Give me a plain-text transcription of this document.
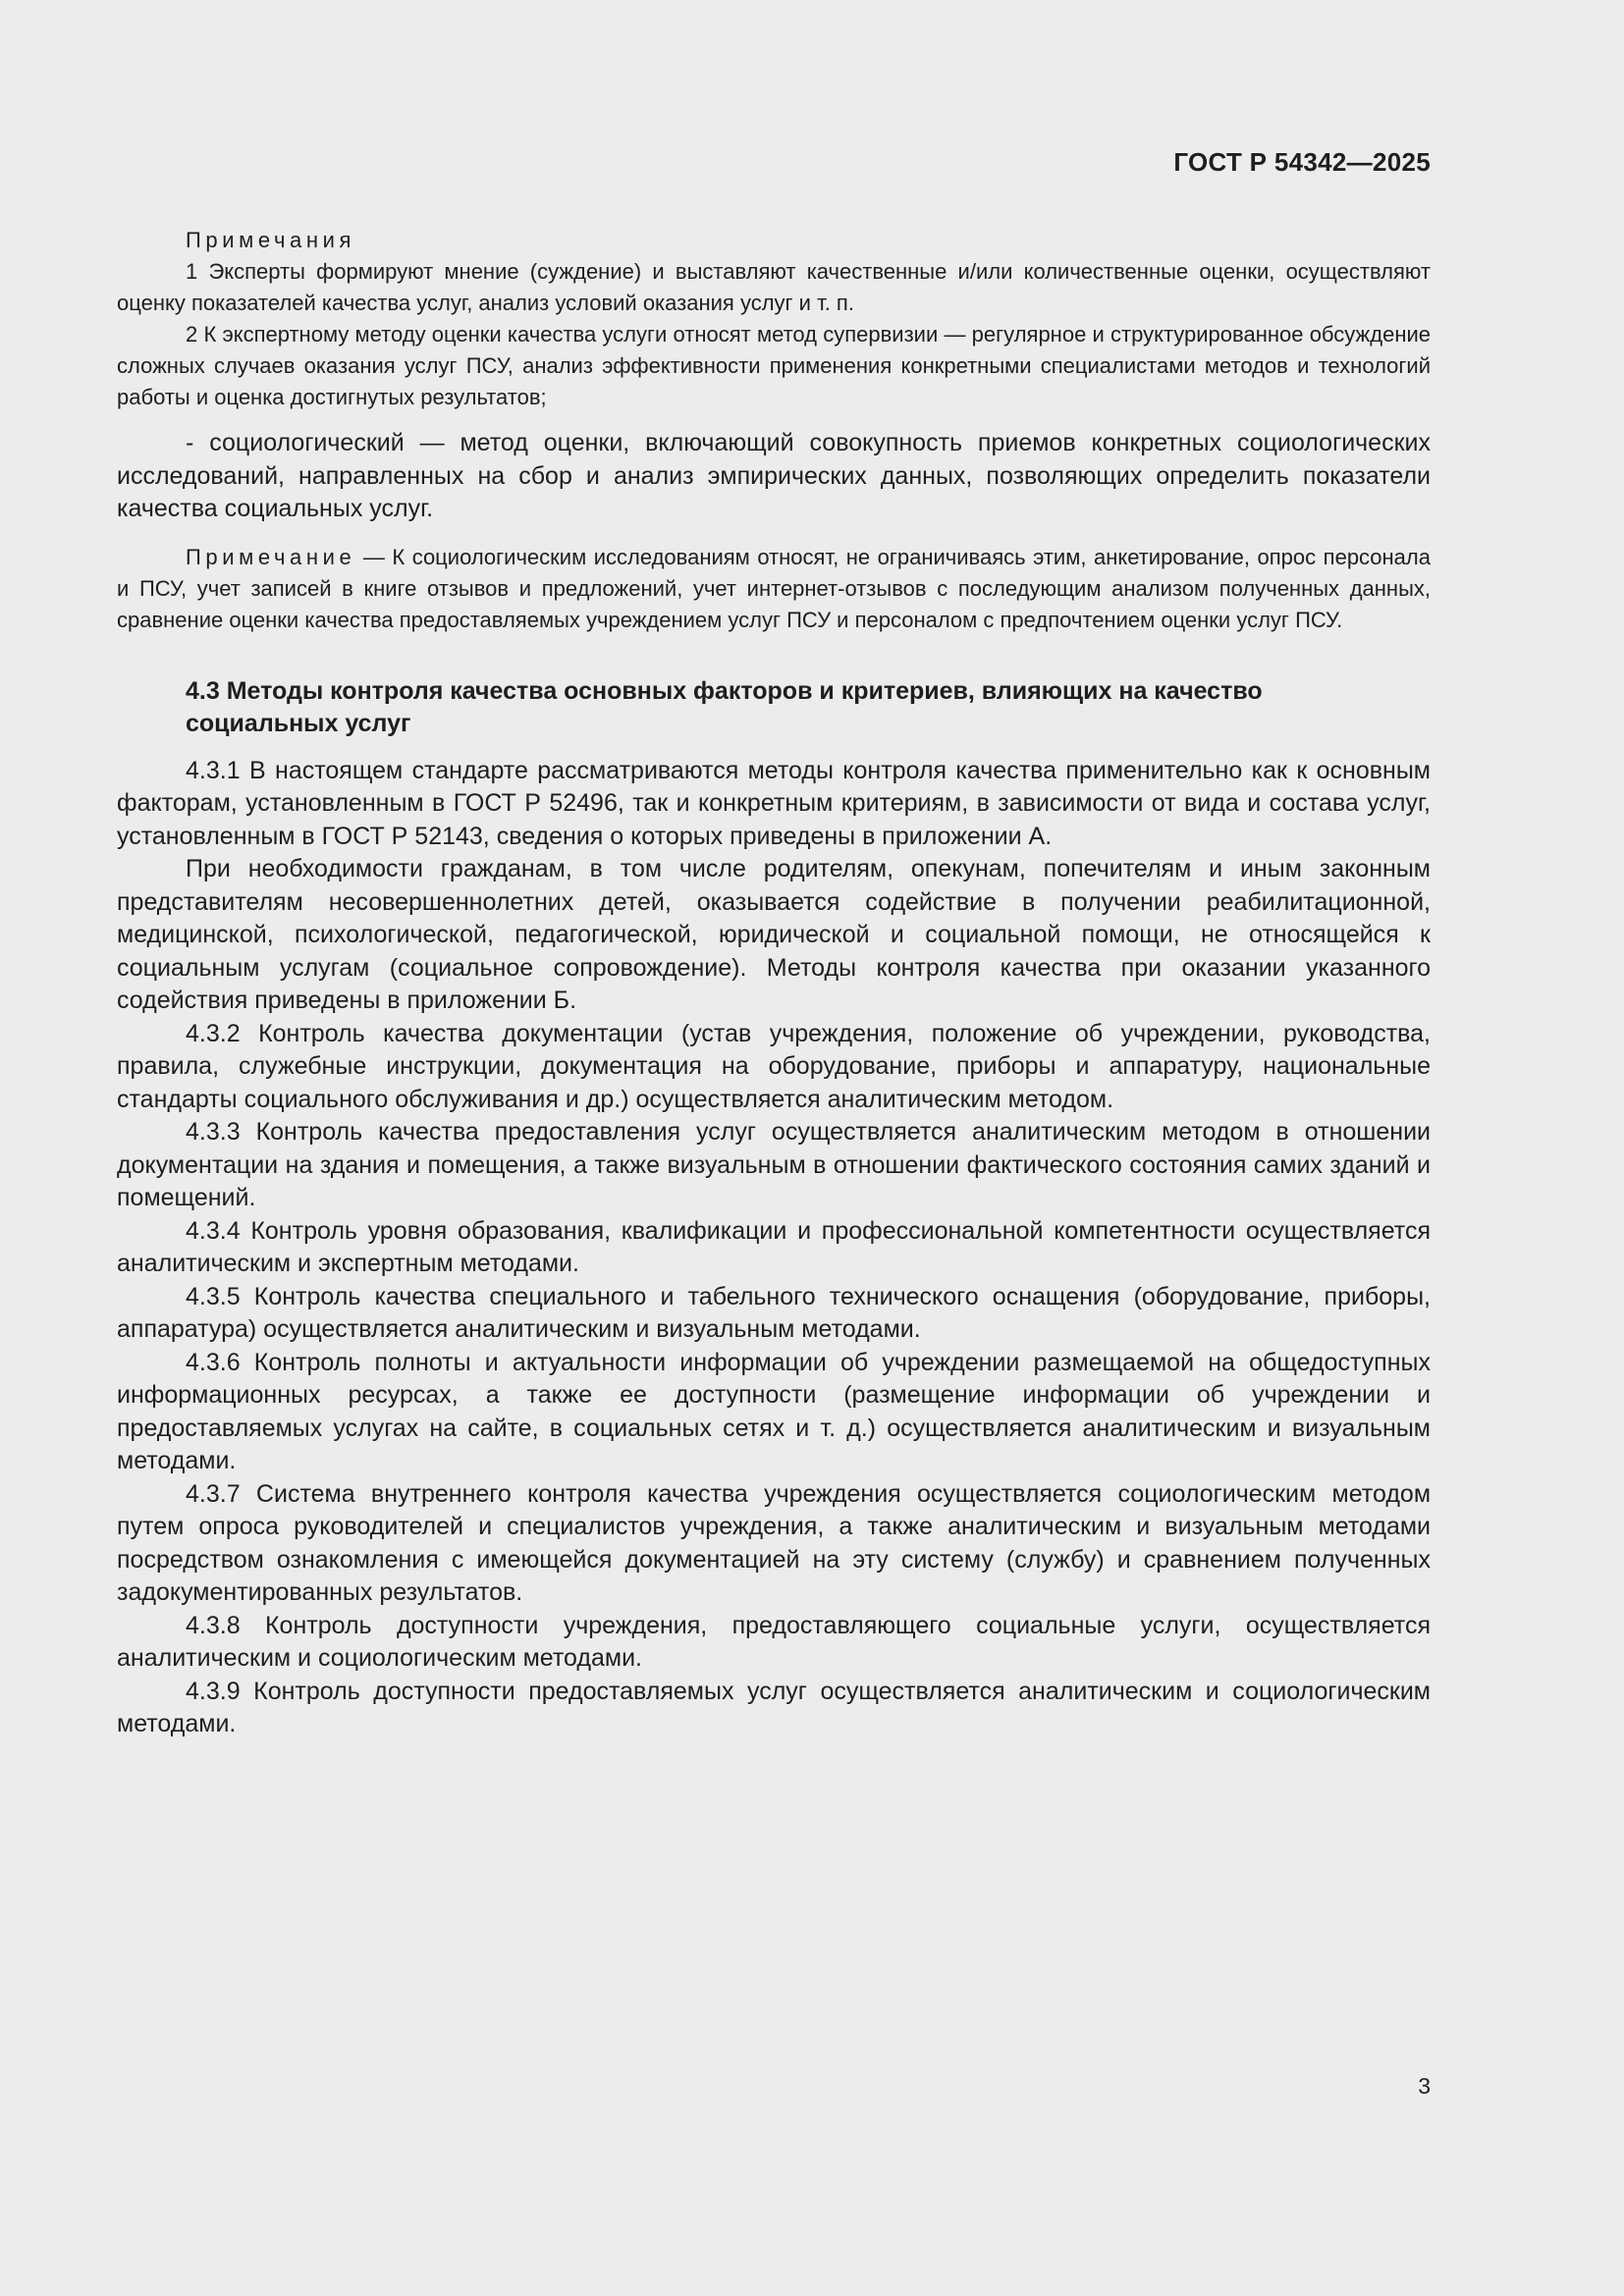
ГОСТ Р 54342—2025

Примечания

1 Эксперты формируют мнение (суждение) и выставляют качественные и/или количественные оценки, осуществляют оценку показателей качества услуг, анализ условий оказания услуг и т. п.

2 К экспертному методу оценки качества услуги относят метод супервизии — регулярное и структурированное обсуждение сложных случаев оказания услуг ПСУ, анализ эффективности применения конкретными специалистами методов и технологий работы и оценка достигнутых результатов;

- социологический — метод оценки, включающий совокупность приемов конкретных социологических исследований, направленных на сбор и анализ эмпирических данных, позволяющих определить показатели качества социальных услуг.

Примечание — К социологическим исследованиям относят, не ограничиваясь этим, анкетирование, опрос персонала и ПСУ, учет записей в книге отзывов и предложений, учет интернет-отзывов с последующим анализом полученных данных, сравнение оценки качества предоставляемых учреждением услуг ПСУ и персоналом с предпочтением оценки услуг ПСУ.

4.3 Методы контроля качества основных факторов и критериев, влияющих на качество социальных услуг

4.3.1 В настоящем стандарте рассматриваются методы контроля качества применительно как к основным факторам, установленным в ГОСТ Р 52496, так и конкретным критериям, в зависимости от вида и состава услуг, установленным в ГОСТ Р 52143, сведения о которых приведены в приложении А.

При необходимости гражданам, в том числе родителям, опекунам, попечителям и иным законным представителям несовершеннолетних детей, оказывается содействие в получении реабилитационной, медицинской, психологической, педагогической, юридической и социальной помощи, не относящейся к социальным услугам (социальное сопровождение). Методы контроля качества при оказании указанного содействия приведены в приложении Б.

4.3.2 Контроль качества документации (устав учреждения, положение об учреждении, руководства, правила, служебные инструкции, документация на оборудование, приборы и аппаратуру, национальные стандарты социального обслуживания и др.) осуществляется аналитическим методом.

4.3.3 Контроль качества предоставления услуг осуществляется аналитическим методом в отношении документации на здания и помещения, а также визуальным в отношении фактического состояния самих зданий и помещений.

4.3.4 Контроль уровня образования, квалификации и профессиональной компетентности осуществляется аналитическим и экспертным методами.

4.3.5 Контроль качества специального и табельного технического оснащения (оборудование, приборы, аппаратура) осуществляется аналитическим и визуальным методами.

4.3.6 Контроль полноты и актуальности информации об учреждении размещаемой на общедоступных информационных ресурсах, а также ее доступности (размещение информации об учреждении и предоставляемых услугах на сайте, в социальных сетях и т. д.) осуществляется аналитическим и визуальным методами.

4.3.7 Система внутреннего контроля качества учреждения осуществляется социологическим методом путем опроса руководителей и специалистов учреждения, а также аналитическим и визуальным методами посредством ознакомления с имеющейся документацией на эту систему (службу) и сравнением полученных задокументированных результатов.

4.3.8 Контроль доступности учреждения, предоставляющего социальные услуги, осуществляется аналитическим и социологическим методами.

4.3.9 Контроль доступности предоставляемых услуг осуществляется аналитическим и социологическим методами.

3
